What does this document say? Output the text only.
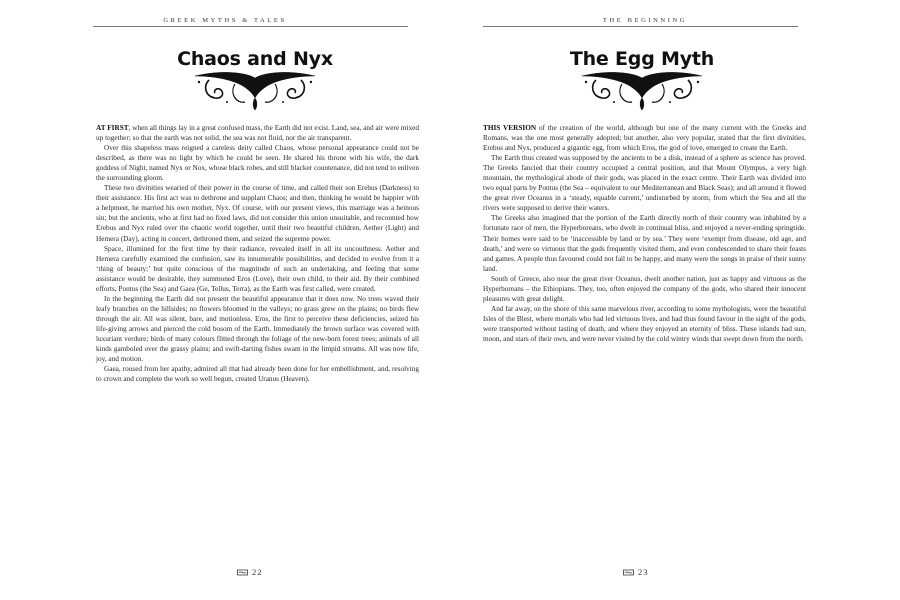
GREEK MYTHS & TALES
Chaos and Nyx

AT FIRST, when all things lay in a great confused mass, the Earth did not exist. Land, sea, and air were mixed up together; so that the earth was not solid, the sea was not fluid, nor the air transparent.

Over this shapeless mass reigned a careless deity called Chaos, whose personal appearance could not be described, as there was no light by which he could be seen. He shared his throne with his wife, the dark goddess of Night, named Nyx or Nox, whose black robes, and still blacker countenance, did not tend to enliven the surrounding gloom.

These two divinities wearied of their power in the course of time, and called their son Erebus (Darkness) to their assistance. His first act was to dethrone and supplant Chaos; and then, thinking he would be happier with a helpmeet, he married his own mother, Nyx. Of course, with our present views, this marriage was a heinous sin; but the ancients, who at first had no fixed laws, did not consider this union unsuitable, and recounted how Erebus and Nyx ruled over the chaotic world together, until their two beautiful children, Aether (Light) and Hemera (Day), acting in concert, dethroned them, and seized the supreme power.

Space, illumined for the first time by their radiance, revealed itself in all its uncouthness. Aether and Hemera carefully examined the confusion, saw its innumerable possibilities, and decided to evolve from it a ‘thing of beauty;’ but quite conscious of the magnitude of such an undertaking, and feeling that some assistance would be desirable, they summoned Eros (Love), their own child, to their aid. By their combined efforts, Pontus (the Sea) and Gaea (Ge, Tellus, Terra), as the Earth was first called, were created.

In the beginning the Earth did not present the beautiful appearance that it does now. No trees waved their leafy branches on the hillsides; no flowers bloomed in the valleys; no grass grew on the plains; no birds flew through the air. All was silent, bare, and motionless. Eros, the first to perceive these deficiencies, seized his life-giving arrows and pierced the cold bosom of the Earth. Immediately the brown surface was covered with luxuriant verdure; birds of many colours flitted through the foliage of the new-born forest trees; animals of all kinds gamboled over the grassy plains; and swift-darting fishes swam in the limpid streams. All was now life, joy, and motion.

Gaea, roused from her apathy, admired all that had already been done for her embellishment, and, resolving to crown and complete the work so well begun, created Uranus (Heaven).

22
THE BEGINNING
The Egg Myth

THIS VERSION of the creation of the world, although but one of the many current with the Greeks and Romans, was the one most generally adopted; but another, also very popular, stated that the first divinities, Erebus and Nyx, produced a gigantic egg, from which Eros, the god of love, emerged to create the Earth.

The Earth thus created was supposed by the ancients to be a disk, instead of a sphere as science has proved. The Greeks fancied that their country occupied a central position, and that Mount Olympus, a very high mountain, the mythological abode of their gods, was placed in the exact centre. Their Earth was divided into two equal parts by Pontus (the Sea – equivalent to our Mediterranean and Black Seas); and all around it flowed the great river Oceanus in a ‘steady, equable current,’ undisturbed by storm, from which the Sea and all the rivers were supposed to derive their waters.

The Greeks also imagined that the portion of the Earth directly north of their country was inhabited by a fortunate race of men, the Hyperboreans, who dwelt in continual bliss, and enjoyed a never-ending springtide. Their homes were said to be ‘inaccessible by land or by sea.’ They were ‘exempt from disease, old age, and death,’ and were so virtuous that the gods frequently visited them, and even condescended to share their feasts and games. A people thus favoured could not fail to be happy, and many were the songs in praise of their sunny land.

South of Greece, also near the great river Oceanus, dwelt another nation, just as happy and virtuous as the Hyperboreans – the Ethiopians. They, too, often enjoyed the company of the gods, who shared their innocent pleasures with great delight.

And far away, on the shore of this same marvelous river, according to some mythologists, were the beautiful Isles of the Blest, where mortals who had led virtuous lives, and had thus found favour in the sight of the gods, were transported without tasting of death, and where they enjoyed an eternity of bliss. These islands had sun, moon, and stars of their own, and were never visited by the cold wintry winds that swept down from the north.

23
